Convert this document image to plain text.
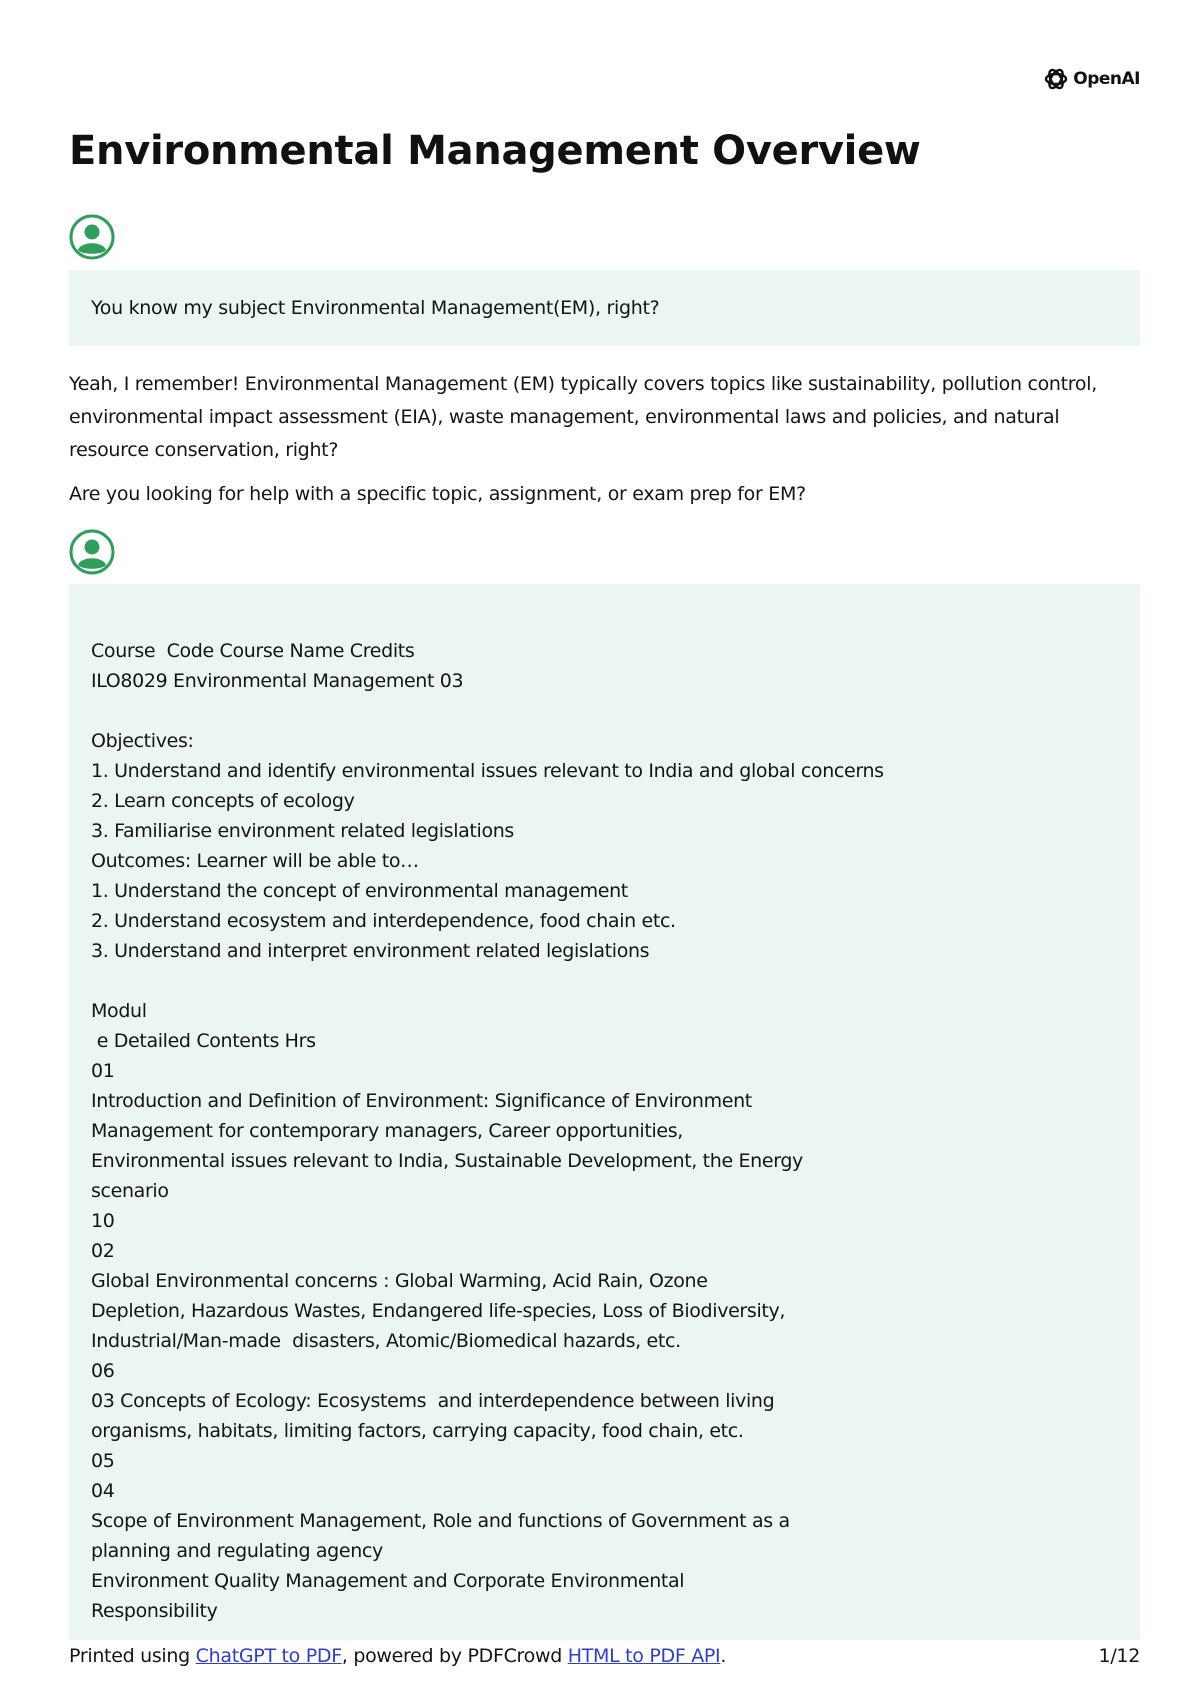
OpenAI
Environmental Management Overview
You know my subject Environmental Management(EM), right?

Yeah, I remember! Environmental Management (EM) typically covers topics like sustainability, pollution control, environmental impact assessment (EIA), waste management, environmental laws and policies, and natural resource conservation, right?

Are you looking for help with a specific topic, assignment, or exam prep for EM?

Course  Code Course Name Credits
ILO8029 Environmental Management 03
Objectives:
1. Understand and identify environmental issues relevant to India and global concerns
2. Learn concepts of ecology
3. Familiarise environment related legislations
Outcomes: Learner will be able to…
1. Understand the concept of environmental management
2. Understand ecosystem and interdependence, food chain etc.
3. Understand and interpret environment related legislations
Modul
e Detailed Contents Hrs
01
Introduction and Definition of Environment: Significance of Environment
Management for contemporary managers, Career opportunities,
Environmental issues relevant to India, Sustainable Development, the Energy
scenario
10
02
Global Environmental concerns : Global Warming, Acid Rain, Ozone
Depletion, Hazardous Wastes, Endangered life-species, Loss of Biodiversity,
Industrial/Man-made  disasters, Atomic/Biomedical hazards, etc.
06
03 Concepts of Ecology: Ecosystems  and interdependence between living
organisms, habitats, limiting factors, carrying capacity, food chain, etc.
05
04
Scope of Environment Management, Role and functions of Government as a
planning and regulating agency
Environment Quality Management and Corporate Environmental
Responsibility
Printed using ChatGPT to PDF, powered by PDFCrowd HTML to PDF API.	1/12
